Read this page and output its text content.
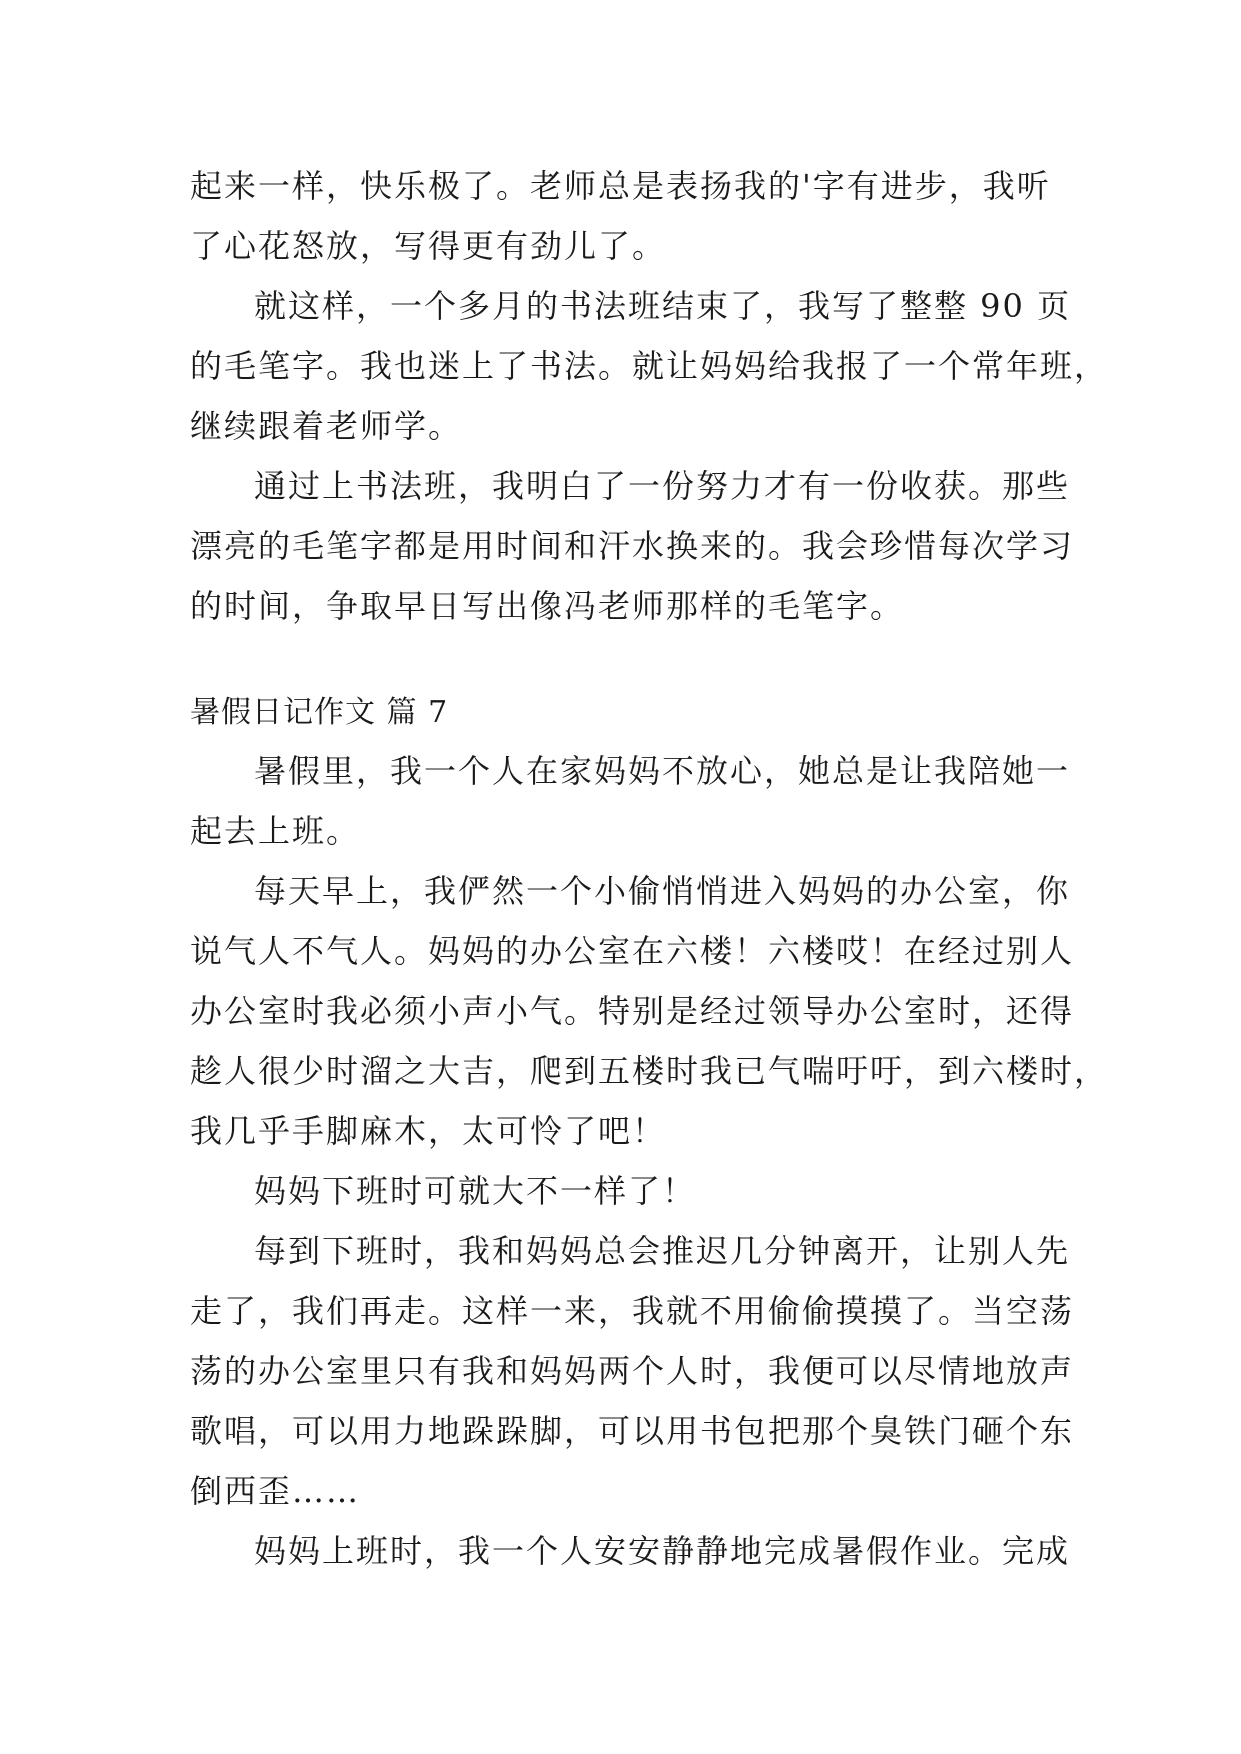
起来一样，快乐极了。老师总是表扬我的'字有进步，我听
了心花怒放，写得更有劲儿了。
就这样，一个多月的书法班结束了，我写了整整 90 页
的毛笔字。我也迷上了书法。就让妈妈给我报了一个常年班，
继续跟着老师学。
通过上书法班，我明白了一份努力才有一份收获。那些
漂亮的毛笔字都是用时间和汗水换来的。我会珍惜每次学习
的时间，争取早日写出像冯老师那样的毛笔字。
暑假日记作文 篇 7
暑假里，我一个人在家妈妈不放心，她总是让我陪她一
起去上班。
每天早上，我俨然一个小偷悄悄进入妈妈的办公室，你
说气人不气人。妈妈的办公室在六楼！六楼哎！在经过别人
办公室时我必须小声小气。特别是经过领导办公室时，还得
趁人很少时溜之大吉，爬到五楼时我已气喘吁吁，到六楼时，
我几乎手脚麻木，太可怜了吧！
妈妈下班时可就大不一样了！
每到下班时，我和妈妈总会推迟几分钟离开，让别人先
走了，我们再走。这样一来，我就不用偷偷摸摸了。当空荡
荡的办公室里只有我和妈妈两个人时，我便可以尽情地放声
歌唱，可以用力地跺跺脚，可以用书包把那个臭铁门砸个东
倒西歪……
妈妈上班时，我一个人安安静静地完成暑假作业。完成
